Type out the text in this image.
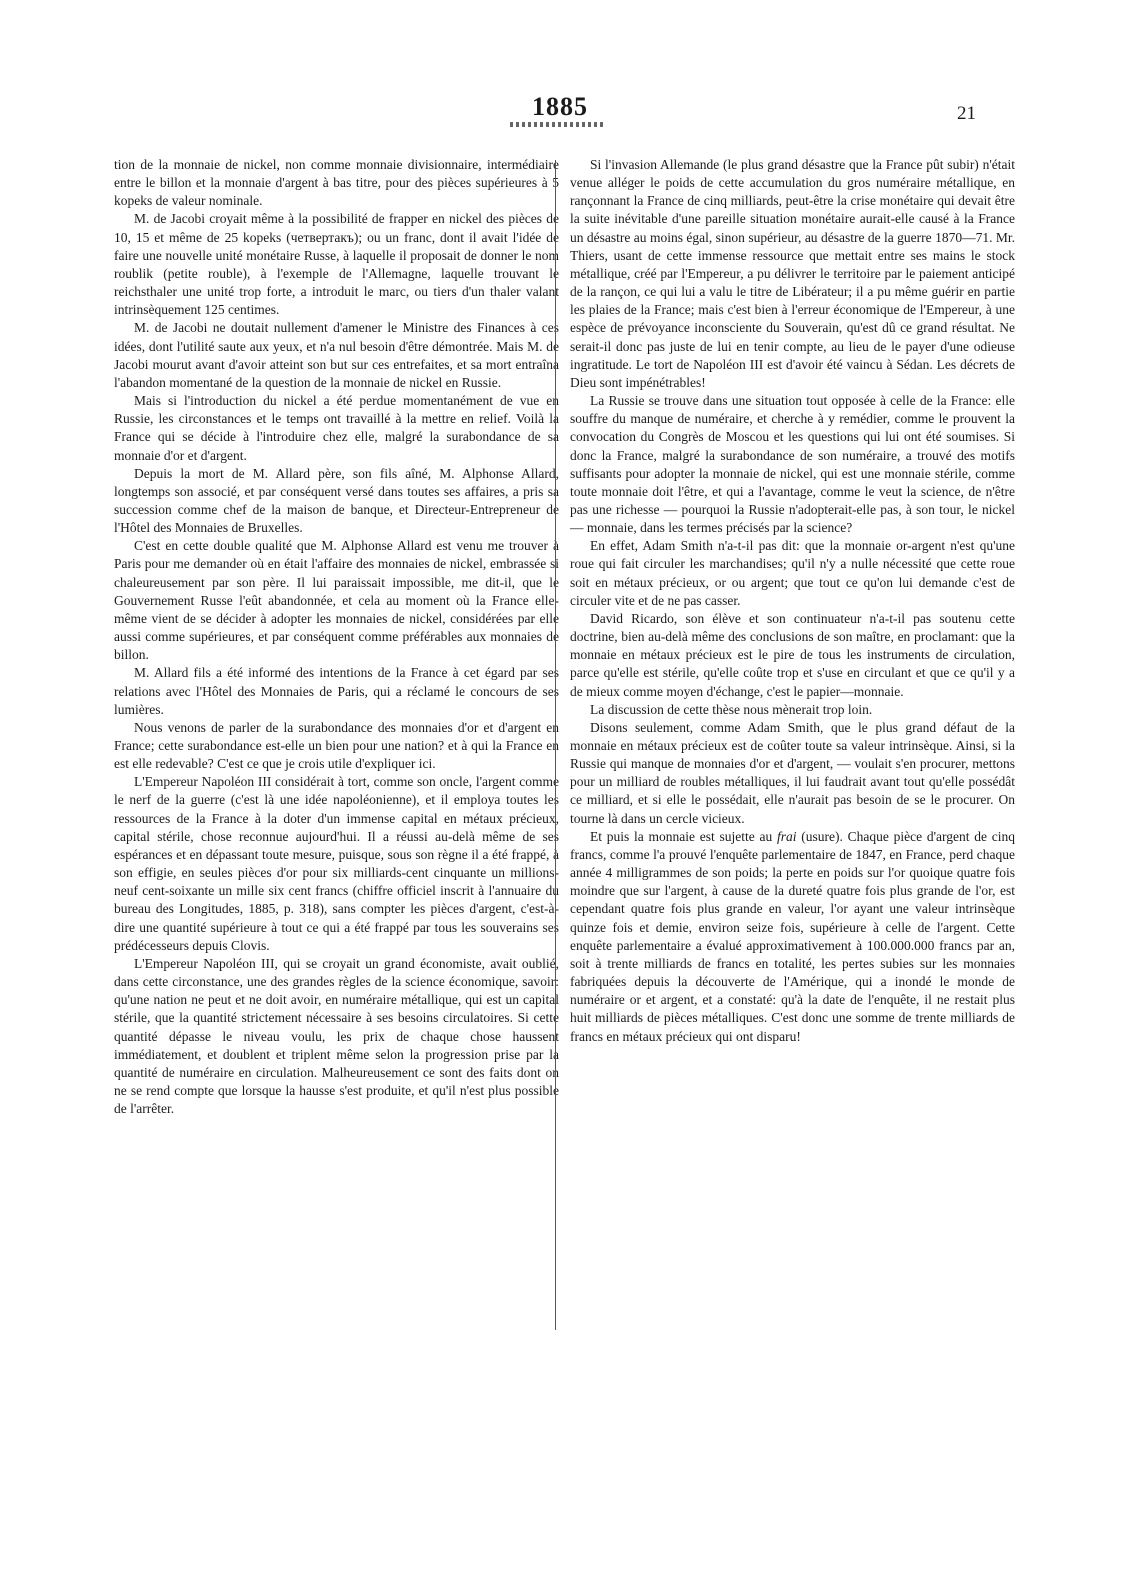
1885	21

tion de la monnaie de nickel, non comme monnaie divisionnaire, intermédiaire entre le billon et la monnaie d'argent à bas titre, pour des pièces supérieures à 5 kopeks de valeur nominale.

M. de Jacobi croyait même à la possibilité de frapper en nickel des pièces de 10, 15 et même de 25 kopeks (четвертакъ); ou un franc, dont il avait l'idée de faire une nouvelle unité monétaire Russe, à laquelle il proposait de donner le nom roublik (petite rouble), à l'exemple de l'Allemagne, laquelle trouvant le reichsthaler une unité trop forte, a introduit le marc, ou tiers d'un thaler valant intrinsèquement 125 centimes.

M. de Jacobi ne doutait nullement d'amener le Ministre des Finances à ces idées, dont l'utilité saute aux yeux, et n'a nul besoin d'être démontrée. Mais M. de Jacobi mourut avant d'avoir atteint son but sur ces entrefaites, et sa mort entraîna l'abandon momentané de la question de la monnaie de nickel en Russie.

Mais si l'introduction du nickel a été perdue momentanément de vue en Russie, les circonstances et le temps ont travaillé à la mettre en relief. Voilà la France qui se décide à l'introduire chez elle, malgré la surabondance de sa monnaie d'or et d'argent.

Depuis la mort de M. Allard père, son fils aîné, M. Alphonse Allard, longtemps son associé, et par conséquent versé dans toutes ses affaires, a pris sa succession comme chef de la maison de banque, et Directeur-Entrepreneur de l'Hôtel des Monnaies de Bruxelles.

C'est en cette double qualité que M. Alphonse Allard est venu me trouver à Paris pour me demander où en était l'affaire des monnaies de nickel, embrassée si chaleureusement par son père. Il lui paraissait impossible, me dit-il, que le Gouvernement Russe l'eût abandonnée, et cela au moment où la France elle-même vient de se décider à adopter les monnaies de nickel, considérées par elle aussi comme supérieures, et par conséquent comme préférables aux monnaies de billon.

M. Allard fils a été informé des intentions de la France à cet égard par ses relations avec l'Hôtel des Monnaies de Paris, qui a réclamé le concours de ses lumières.

Nous venons de parler de la surabondance des monnaies d'or et d'argent en France; cette surabondance est-elle un bien pour une nation? et à qui la France en est elle redevable? C'est ce que je crois utile d'expliquer ici.

L'Empereur Napoléon III considérait à tort, comme son oncle, l'argent comme le nerf de la guerre (c'est là une idée napoléonienne), et il employa toutes les ressources de la France à la doter d'un immense capital en métaux précieux, capital stérile, chose reconnue aujourd'hui. Il a réussi au-delà même de ses espérances et en dépassant toute mesure, puisque, sous son règne il a été frappé, à son effigie, en seules pièces d'or pour six milliards-cent cinquante un millions-neuf cent-soixante un mille six cent francs (chiffre officiel inscrit à l'annuaire du bureau des Longitudes, 1885, p. 318), sans compter les pièces d'argent, c'est-à-dire une quantité supérieure à tout ce qui a été frappé par tous les souverains ses prédécesseurs depuis Clovis.

L'Empereur Napoléon III, qui se croyait un grand économiste, avait oublié, dans cette circonstance, une des grandes règles de la science économique, savoir: qu'une nation ne peut et ne doit avoir, en numéraire métallique, qui est un capital stérile, que la quantité strictement nécessaire à ses besoins circulatoires. Si cette quantité dépasse le niveau voulu, les prix de chaque chose haussent immédiatement, et doublent et triplent même selon la progression prise par la quantité de numéraire en circulation. Malheureusement ce sont des faits dont on ne se rend compte que lorsque la hausse s'est produite, et qu'il n'est plus possible de l'arrêter.

Si l'invasion Allemande (le plus grand désastre que la France pût subir) n'était venue alléger le poids de cette accumulation du gros numéraire métallique, en rançonnant la France de cinq milliards, peut-être la crise monétaire qui devait être la suite inévitable d'une pareille situation monétaire aurait-elle causé à la France un désastre au moins égal, sinon supérieur, au désastre de la guerre 1870—71. Mr. Thiers, usant de cette immense ressource que mettait entre ses mains le stock métallique, créé par l'Empereur, a pu délivrer le territoire par le paiement anticipé de la rançon, ce qui lui a valu le titre de Libérateur; il a pu même guérir en partie les plaies de la France; mais c'est bien à l'erreur économique de l'Empereur, à une espèce de prévoyance inconsciente du Souverain, qu'est dû ce grand résultat. Ne serait-il donc pas juste de lui en tenir compte, au lieu de le payer d'une odieuse ingratitude. Le tort de Napoléon III est d'avoir été vaincu à Sédan. Les décrets de Dieu sont impénétrables!

La Russie se trouve dans une situation tout opposée à celle de la France: elle souffre du manque de numéraire, et cherche à y remédier, comme le prouvent la convocation du Congrès de Moscou et les questions qui lui ont été soumises. Si donc la France, malgré la surabondance de son numéraire, a trouvé des motifs suffisants pour adopter la monnaie de nickel, qui est une monnaie stérile, comme toute monnaie doit l'être, et qui a l'avantage, comme le veut la science, de n'être pas une richesse — pourquoi la Russie n'adopterait-elle pas, à son tour, le nickel — monnaie, dans les termes précisés par la science?

En effet, Adam Smith n'a-t-il pas dit: que la monnaie or-argent n'est qu'une roue qui fait circuler les marchandises; qu'il n'y a nulle nécessité que cette roue soit en métaux précieux, or ou argent; que tout ce qu'on lui demande c'est de circuler vite et de ne pas casser.

David Ricardo, son élève et son continuateur n'a-t-il pas soutenu cette doctrine, bien au-delà même des conclusions de son maître, en proclamant: que la monnaie en métaux précieux est le pire de tous les instruments de circulation, parce qu'elle est stérile, qu'elle coûte trop et s'use en circulant et que ce qu'il y a de mieux comme moyen d'échange, c'est le papier—monnaie.

La discussion de cette thèse nous mènerait trop loin.

Disons seulement, comme Adam Smith, que le plus grand défaut de la monnaie en métaux précieux est de coûter toute sa valeur intrinsèque. Ainsi, si la Russie qui manque de monnaies d'or et d'argent, — voulait s'en procurer, mettons pour un milliard de roubles métalliques, il lui faudrait avant tout qu'elle possédât ce milliard, et si elle le possédait, elle n'aurait pas besoin de se le procurer. On tourne là dans un cercle vicieux.

Et puis la monnaie est sujette au frai (usure). Chaque pièce d'argent de cinq francs, comme l'a prouvé l'enquête parlementaire de 1847, en France, perd chaque année 4 milligrammes de son poids; la perte en poids sur l'or quoique quatre fois moindre que sur l'argent, à cause de la dureté quatre fois plus grande de l'or, est cependant quatre fois plus grande en valeur, l'or ayant une valeur intrinsèque quinze fois et demie, environ seize fois, supérieure à celle de l'argent. Cette enquête parlementaire a évalué approximativement à 100.000.000 francs par an, soit à trente milliards de francs en totalité, les pertes subies sur les monnaies fabriquées depuis la découverte de l'Amérique, qui a inondé le monde de numéraire or et argent, et a constaté: qu'à la date de l'enquête, il ne restait plus huit milliards de pièces métalliques. C'est donc une somme de trente milliards de francs en métaux précieux qui ont disparu!
